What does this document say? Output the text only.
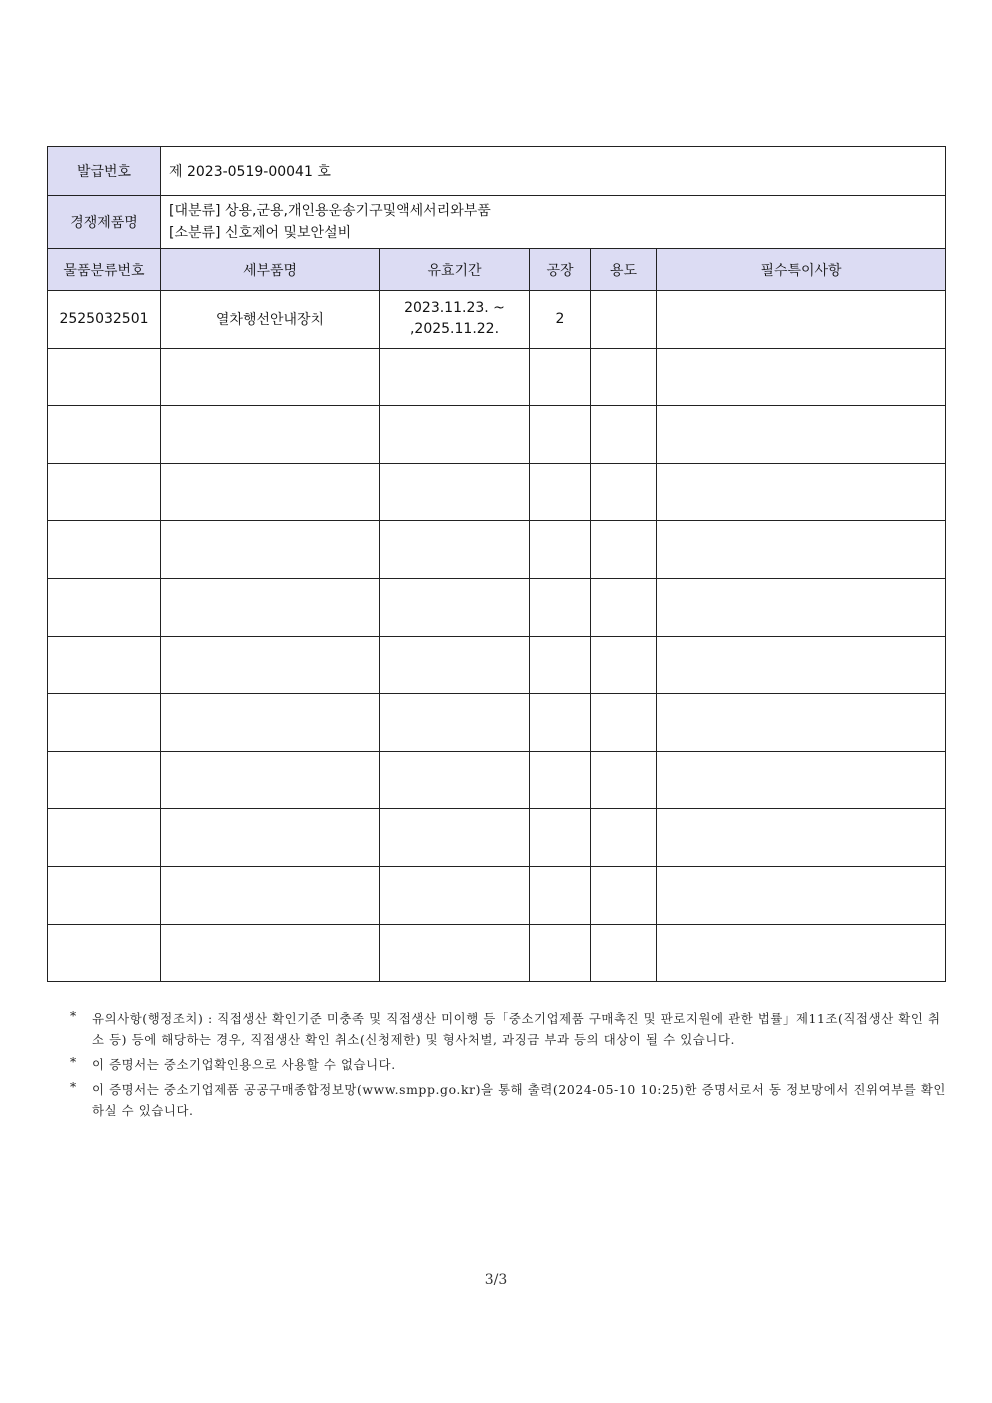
발급번호	제 2023-0519-00041 호				
경쟁제품명	[대분류] 상용,군용,개인용운송기구및액세서리와부품
[소분류] 신호제어 및보안설비				

물품분류번호	세부품명	유효기간	공장	용도	필수특이사항
2525032501	열차행선안내장치	2023.11.23. ~
,2025.11.22.	2		

*	유의사항(행정조치) : 직접생산 확인기준 미충족 및 직접생산 미이행 등「중소기업제품 구매촉진 및 판로지원에 관한 법률」제11조(직접생산 확인 취소 등) 등에 해당하는 경우, 직접생산 확인 취소(신청제한) 및 형사처벌, 과징금 부과 등의 대상이 될 수 있습니다.
*	이 증명서는 중소기업확인용으로 사용할 수 없습니다.
*	이 증명서는 중소기업제품 공공구매종합정보망(www.smpp.go.kr)을 통해 출력(2024-05-10 10:25)한 증명서로서 동 정보망에서 진위여부를 확인하실 수 있습니다.
3/3
